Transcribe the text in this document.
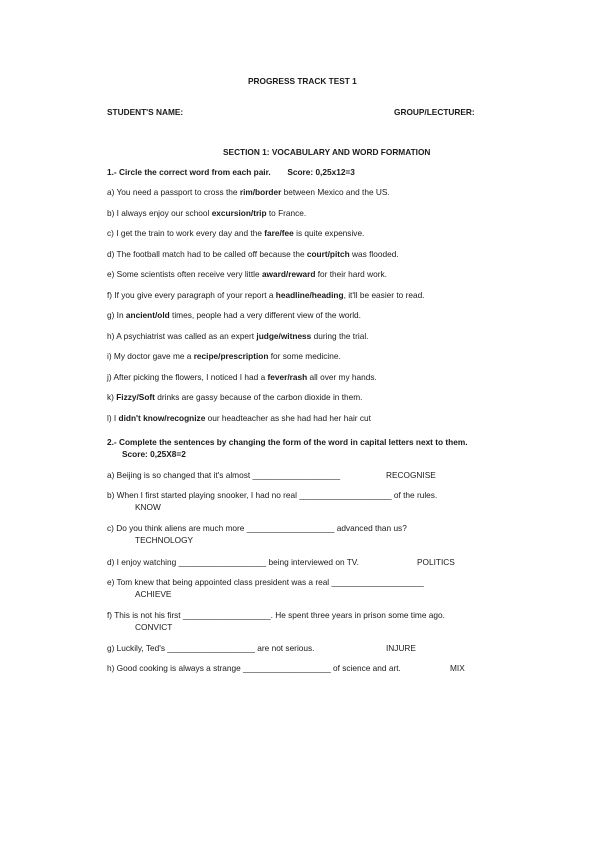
PROGRESS TRACK TEST 1
STUDENT'S NAME:	GROUP/LECTURER:
SECTION 1: VOCABULARY AND WORD FORMATION
1.- Circle the correct word from each pair. Score: 0,25x12=3
a) You need a passport to cross the rim/border between Mexico and the US.
b) I always enjoy our school excursion/trip to France.
c) I get the train to work every day and the fare/fee is quite expensive.
d) The football match had to be called off because the court/pitch was flooded.
e) Some scientists often receive very little award/reward for their hard work.
f) If you give every paragraph of your report a headline/heading, it'll be easier to read.
g) In ancient/old times, people had a very different view of the world.
h) A psychiatrist was called as an expert judge/witness during the trial.
i) My doctor gave me a recipe/prescription for some medicine.
j) After picking the flowers, I noticed I had a fever/rash all over my hands.
k) Fizzy/Soft drinks are gassy because of the carbon dioxide in them.
l) I didn't know/recognize our headteacher as she had had her hair cut
2.- Complete the sentences by changing the form of the word in capital letters next to them.
Score: 0,25X8=2
a) Beijing is so changed that it's almost ___________________	RECOGNISE
b) When I first started playing snooker, I had no real ____________________ of the rules.
KNOW
c) Do you think aliens are much more ___________________ advanced than us?
TECHNOLOGY
d) I enjoy watching ___________________ being interviewed on TV.	POLITICS
e) Tom knew that being appointed class president was a real ____________________
ACHIEVE
f) This is not his first ___________________. He spent three years in prison some time ago.
CONVICT
g) Luckily, Ted's ___________________ are not serious.	INJURE
h) Good cooking is always a strange ___________________ of science and art.	MIX
